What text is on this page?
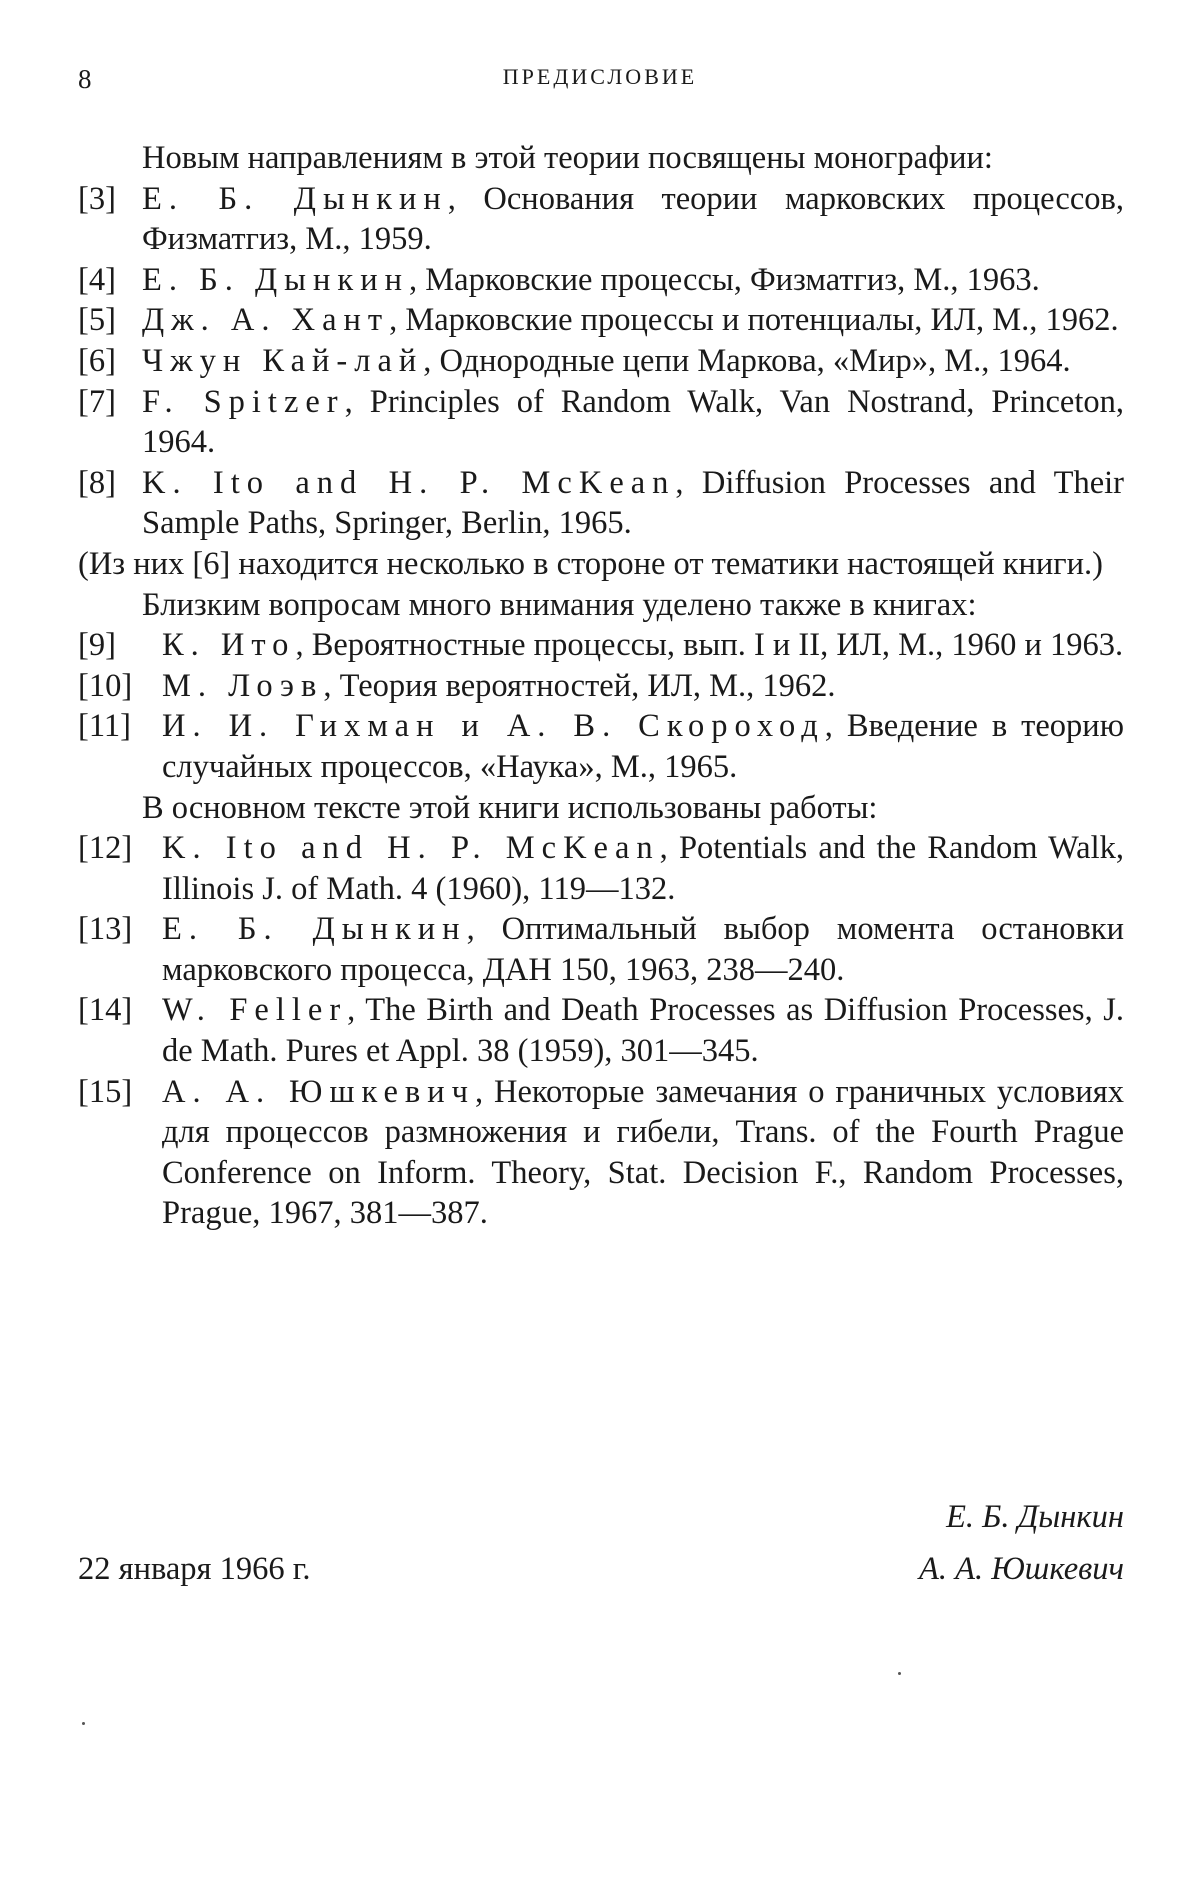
8	ПРЕДИСЛОВИЕ

Новым направлениям в этой теории посвящены монографии:

[3] Е. Б. Дынкин, Основания теории марковских процессов, Физматгиз, М., 1959.
[4] Е. Б. Дынкин, Марковские процессы, Физматгиз, М., 1963.
[5] Дж. А. Хант, Марковские процессы и потенциалы, ИЛ, М., 1962.
[6] Чжун Кай-лай, Однородные цепи Маркова, «Мир», М., 1964.
[7] F. Spitzer, Principles of Random Walk, Van Nostrand, Princeton, 1964.
[8] K. Ito and H. P. McKean, Diffusion Processes and Their Sample Paths, Springer, Berlin, 1965.

(Из них [6] находится несколько в стороне от тематики настоящей книги.)

Близким вопросам много внимания уделено также в книгах:

[9]	К. Ито, Вероятностные процессы, вып. I и II, ИЛ, М., 1960 и 1963.
[10] М. Лоэв, Теория вероятностей, ИЛ, М., 1962.
[11] И. И. Гихман и А. В. Скороход, Введение в теорию случайных процессов, «Наука», М., 1965.

В основном тексте этой книги использованы работы:

[12] K. Ito and H. P. McKean, Potentials and the Random Walk, Illinois J. of Math. 4 (1960), 119—132.
[13] Е. Б. Дынкин, Оптимальный выбор момента остановки марковского процесса, ДАН 150, 1963, 238—240.
[14] W. Feller, The Birth and Death Processes as Diffusion Processes, J. de Math. Pures et Appl. 38 (1959), 301—345.
[15] А. А. Юшкевич, Некоторые замечания о граничных условиях для процессов размножения и гибели, Trans. of the Fourth Prague Conference on Inform. Theory, Stat. Decision F., Random Processes, Prague, 1967, 381—387.
Е. Б. Дынкин
22 января 1966 г.	А. А. Юшкевич
